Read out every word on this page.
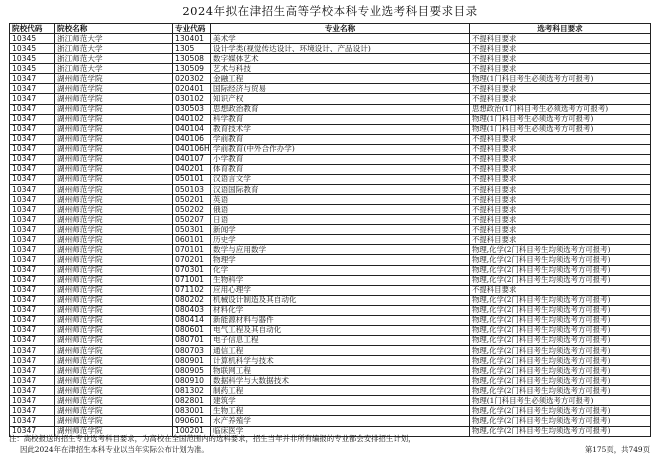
2024年拟在津招生高等学校本科专业选考科目要求目录
院校代码	院校名称	专业代码	专业名称	选考科目要求
10345	浙江师范大学	130401	美术学	不提科目要求
10345	浙江师范大学	1305	设计学类(视觉传达设计、环境设计、产品设计)	不提科目要求
10345	浙江师范大学	130508	数字媒体艺术	不提科目要求
10345	浙江师范大学	130509	艺术与科技	不提科目要求
10347	湖州师范学院	020302	金融工程	物理(1门科目考生必须选考方可报考)
10347	湖州师范学院	020401	国际经济与贸易	不提科目要求
10347	湖州师范学院	030102	知识产权	不提科目要求
10347	湖州师范学院	030503	思想政治教育	思想政治(1门科目考生必须选考方可报考)
10347	湖州师范学院	040102	科学教育	物理(1门科目考生必须选考方可报考)
10347	湖州师范学院	040104	教育技术学	物理(1门科目考生必须选考方可报考)
10347	湖州师范学院	040106	学前教育	不提科目要求
10347	湖州师范学院	040106H	学前教育(中外合作办学)	不提科目要求
10347	湖州师范学院	040107	小学教育	不提科目要求
10347	湖州师范学院	040201	体育教育	不提科目要求
10347	湖州师范学院	050101	汉语言文学	不提科目要求
10347	湖州师范学院	050103	汉语国际教育	不提科目要求
10347	湖州师范学院	050201	英语	不提科目要求
10347	湖州师范学院	050202	俄语	不提科目要求
10347	湖州师范学院	050207	日语	不提科目要求
10347	湖州师范学院	050301	新闻学	不提科目要求
10347	湖州师范学院	060101	历史学	不提科目要求
10347	湖州师范学院	070101	数学与应用数学	物理,化学(2门科目考生均须选考方可报考)
10347	湖州师范学院	070201	物理学	物理,化学(2门科目考生均须选考方可报考)
10347	湖州师范学院	070301	化学	物理,化学(2门科目考生均须选考方可报考)
10347	湖州师范学院	071001	生物科学	物理,化学(2门科目考生均须选考方可报考)
10347	湖州师范学院	071102	应用心理学	不提科目要求
10347	湖州师范学院	080202	机械设计制造及其自动化	物理,化学(2门科目考生均须选考方可报考)
10347	湖州师范学院	080403	材料化学	物理,化学(2门科目考生均须选考方可报考)
10347	湖州师范学院	080414	新能源材料与器件	物理,化学(2门科目考生均须选考方可报考)
10347	湖州师范学院	080601	电气工程及其自动化	物理,化学(2门科目考生均须选考方可报考)
10347	湖州师范学院	080701	电子信息工程	物理,化学(2门科目考生均须选考方可报考)
10347	湖州师范学院	080703	通信工程	物理,化学(2门科目考生均须选考方可报考)
10347	湖州师范学院	080901	计算机科学与技术	物理,化学(2门科目考生均须选考方可报考)
10347	湖州师范学院	080905	物联网工程	物理,化学(2门科目考生均须选考方可报考)
10347	湖州师范学院	080910	数据科学与大数据技术	物理,化学(2门科目考生均须选考方可报考)
10347	湖州师范学院	081302	制药工程	物理,化学(2门科目考生均须选考方可报考)
10347	湖州师范学院	082801	建筑学	物理(1门科目考生必须选考方可报考)
10347	湖州师范学院	083001	生物工程	物理,化学(2门科目考生均须选考方可报考)
10347	湖州师范学院	090601	水产养殖学	物理,化学(2门科目考生均须选考方可报考)
10347	湖州师范学院	100201	临床医学	物理,化学(2门科目考生均须选考方可报考)
注：高校报送的招生专业选考科目要求，为高校在全国范围内的选科要求，招生当年并非所有编报的专业都会安排招生计划，
因此2024年在津招生本科专业以当年实际公布计划为准。	第175页，共749页
